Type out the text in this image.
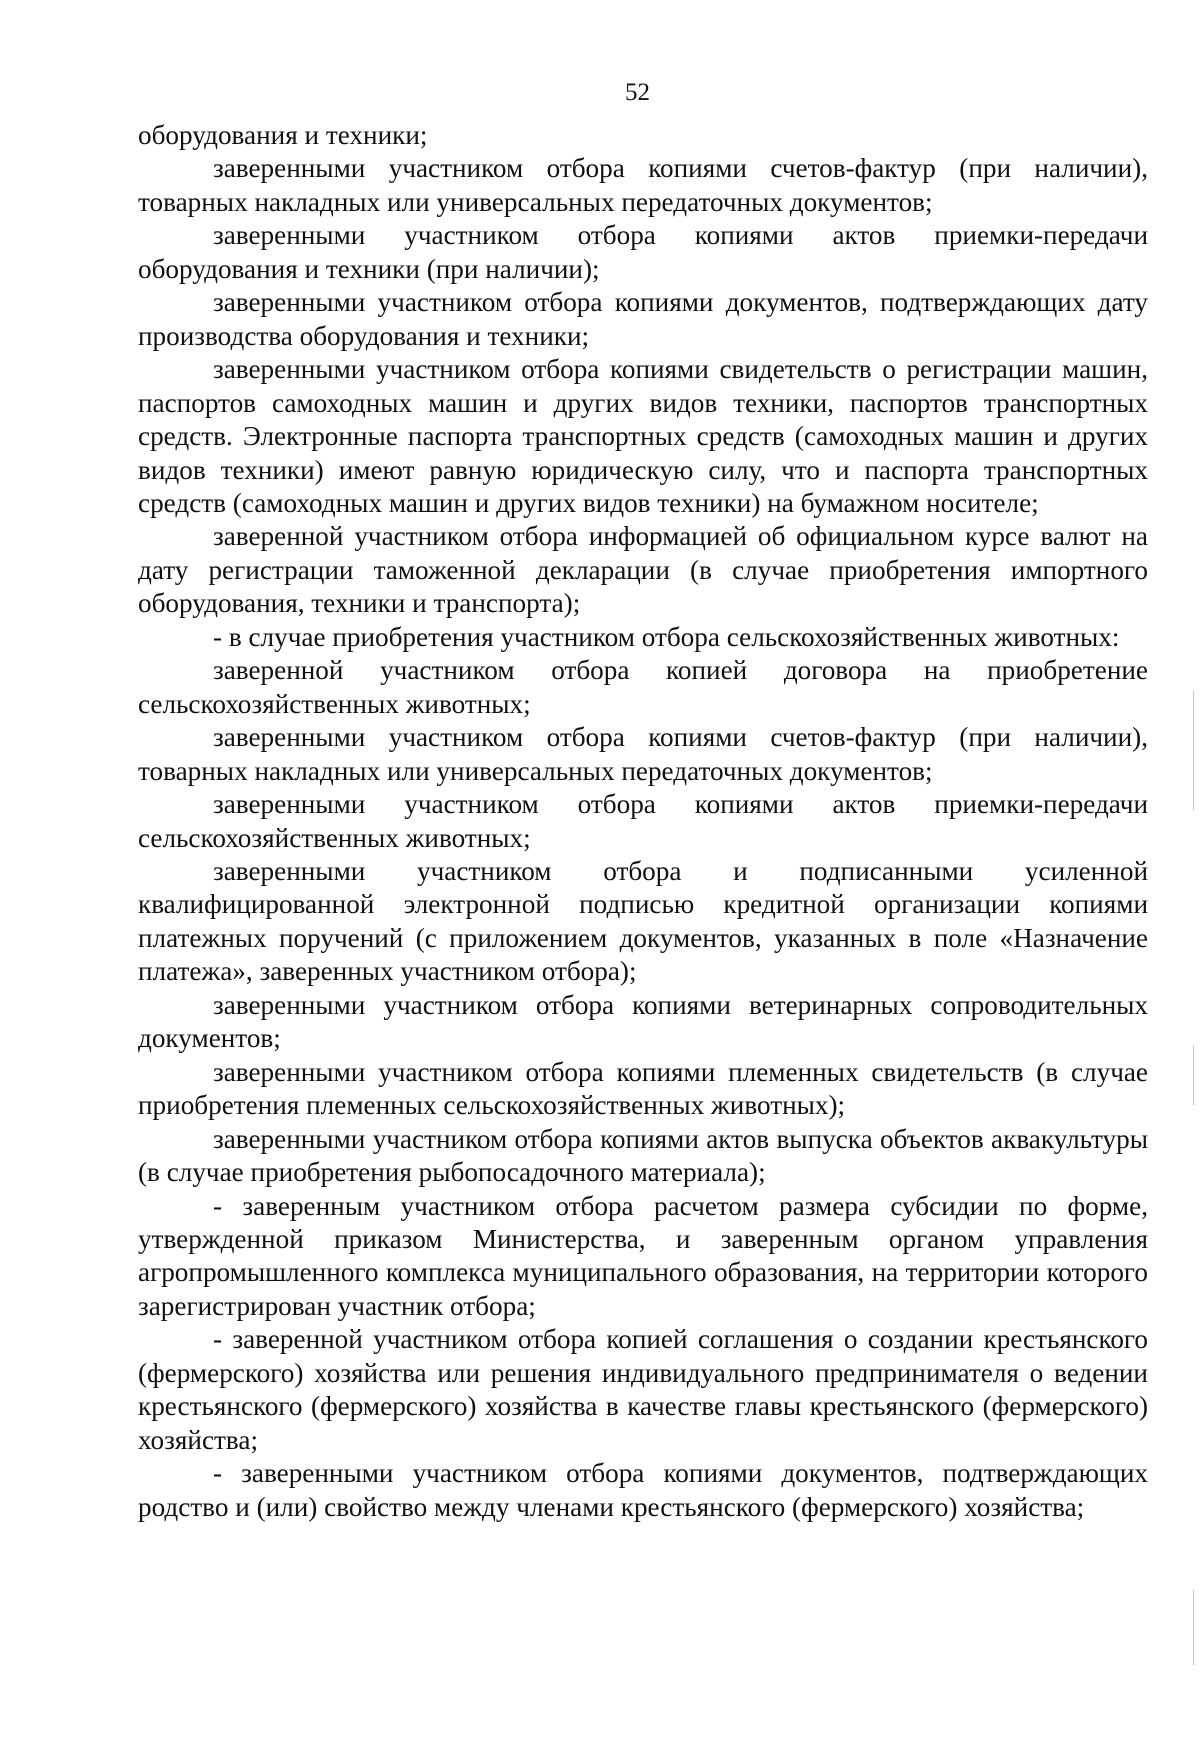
52

оборудования и техники;

заверенными участником отбора копиями счетов-фактур (при наличии), товарных накладных или универсальных передаточных документов;

заверенными участником отбора копиями актов приемки-передачи оборудования и техники (при наличии);

заверенными участником отбора копиями документов, подтверждающих дату производства оборудования и техники;

заверенными участником отбора копиями свидетельств о регистрации машин, паспортов самоходных машин и других видов техники, паспортов транспортных средств. Электронные паспорта транспортных средств (самоходных машин и других видов техники) имеют равную юридическую силу, что и паспорта транспортных средств (самоходных машин и других видов техники) на бумажном носителе;

заверенной участником отбора информацией об официальном курсе валют на дату регистрации таможенной декларации (в случае приобретения импортного оборудования, техники и транспорта);

- в случае приобретения участником отбора сельскохозяйственных животных:

заверенной участником отбора копией договора на приобретение сельскохозяйственных животных;

заверенными участником отбора копиями счетов-фактур (при наличии), товарных накладных или универсальных передаточных документов;

заверенными участником отбора копиями актов приемки-передачи сельскохозяйственных животных;

заверенными участником отбора и подписанными усиленной квалифицированной электронной подписью кредитной организации копиями платежных поручений (с приложением документов, указанных в поле «Назначение платежа», заверенных участником отбора);

заверенными участником отбора копиями ветеринарных сопроводительных документов;

заверенными участником отбора копиями племенных свидетельств (в случае приобретения племенных сельскохозяйственных животных);

заверенными участником отбора копиями актов выпуска объектов аквакультуры (в случае приобретения рыбопосадочного материала);

- заверенным участником отбора расчетом размера субсидии по форме, утвержденной приказом Министерства, и заверенным органом управления агропромышленного комплекса муниципального образования, на территории которого зарегистрирован участник отбора;

- заверенной участником отбора копией соглашения о создании крестьянского (фермерского) хозяйства или решения индивидуального предпринимателя о ведении крестьянского (фермерского) хозяйства в качестве главы крестьянского (фермерского) хозяйства;

- заверенными участником отбора копиями документов, подтверждающих родство и (или) свойство между членами крестьянского (фермерского) хозяйства;
